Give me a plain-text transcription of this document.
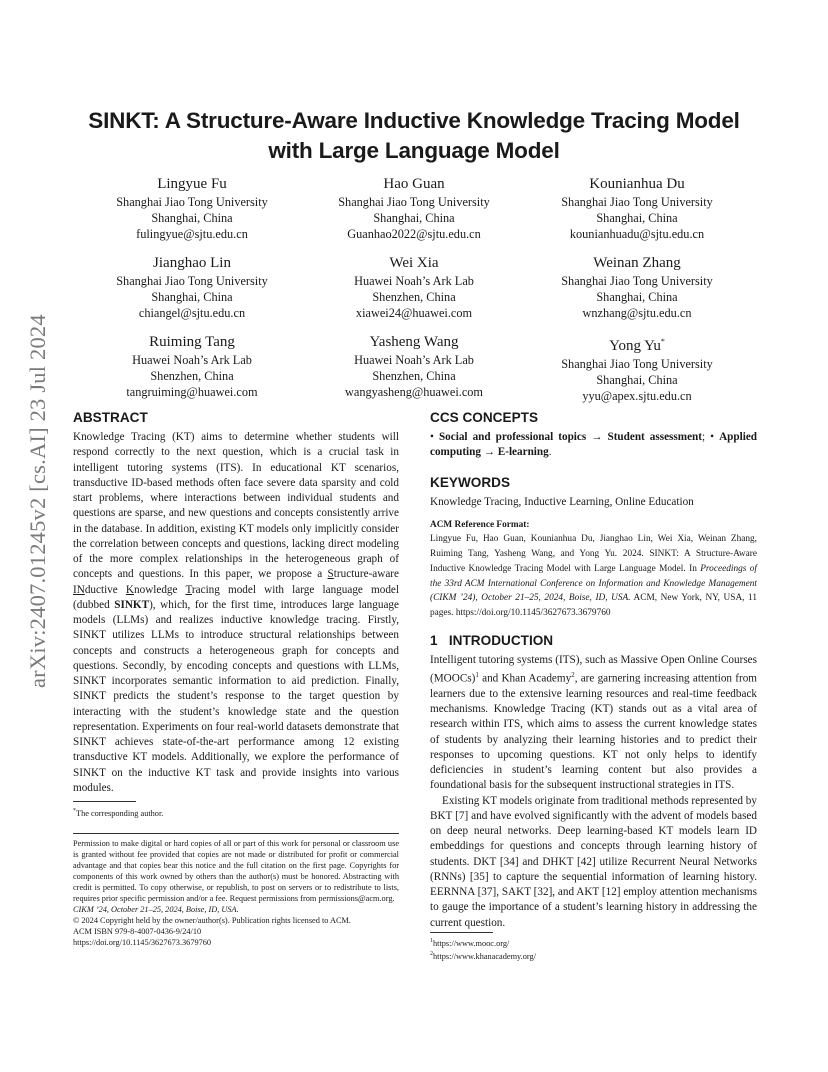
arXiv:2407.01245v2 [cs.AI] 23 Jul 2024
SINKT: A Structure-Aware Inductive Knowledge Tracing Model
with Large Language Model
Lingyue Fu
Shanghai Jiao Tong University
Shanghai, China
fulingyue@sjtu.edu.cn
Hao Guan
Shanghai Jiao Tong University
Shanghai, China
Guanhao2022@sjtu.edu.cn
Kounianhua Du
Shanghai Jiao Tong University
Shanghai, China
kounianhuadu@sjtu.edu.cn
Jianghao Lin
Shanghai Jiao Tong University
Shanghai, China
chiangel@sjtu.edu.cn
Wei Xia
Huawei Noah’s Ark Lab
Shenzhen, China
xiawei24@huawei.com
Weinan Zhang
Shanghai Jiao Tong University
Shanghai, China
wnzhang@sjtu.edu.cn
Ruiming Tang
Huawei Noah’s Ark Lab
Shenzhen, China
tangruiming@huawei.com
Yasheng Wang
Huawei Noah’s Ark Lab
Shenzhen, China
wangyasheng@huawei.com
Yong Yu*
Shanghai Jiao Tong University
Shanghai, China
yyu@apex.sjtu.edu.cn
ABSTRACT
Knowledge Tracing (KT) aims to determine whether students will respond correctly to the next question, which is a crucial task in intelligent tutoring systems (ITS). In educational KT scenarios, transductive ID-based methods often face severe data sparsity and cold start problems, where interactions between individual students and questions are sparse, and new questions and concepts consistently arrive in the database. In addition, existing KT models only implicitly consider the correlation between concepts and questions, lacking direct modeling of the more complex relationships in the heterogeneous graph of concepts and questions. In this paper, we propose a Structure-aware INductive Knowledge Tracing model with large language model (dubbed SINKT), which, for the first time, introduces large language models (LLMs) and realizes inductive knowledge tracing. Firstly, SINKT utilizes LLMs to introduce structural relationships between concepts and constructs a heterogeneous graph for concepts and questions. Secondly, by encoding concepts and questions with LLMs, SINKT incorporates semantic information to aid prediction. Finally, SINKT predicts the student’s response to the target question by interacting with the student’s knowledge state and the question representation. Experiments on four real-world datasets demonstrate that SINKT achieves state-of-the-art performance among 12 existing transductive KT models. Additionally, we explore the performance of SINKT on the inductive KT task and provide insights into various modules.
*The corresponding author.
Permission to make digital or hard copies of all or part of this work for personal or classroom use is granted without fee provided that copies are not made or distributed for profit or commercial advantage and that copies bear this notice and the full citation on the first page. Copyrights for components of this work owned by others than the author(s) must be honored. Abstracting with credit is permitted. To copy otherwise, or republish, to post on servers or to redistribute to lists, requires prior specific permission and/or a fee. Request permissions from permissions@acm.org.
CIKM ’24, October 21–25, 2024, Boise, ID, USA.
© 2024 Copyright held by the owner/author(s). Publication rights licensed to ACM.
ACM ISBN 979-8-4007-0436-9/24/10
https://doi.org/10.1145/3627673.3679760
CCS CONCEPTS
• Social and professional topics → Student assessment; • Applied computing → E-learning.
KEYWORDS
Knowledge Tracing, Inductive Learning, Online Education
ACM Reference Format:
Lingyue Fu, Hao Guan, Kounianhua Du, Jianghao Lin, Wei Xia, Weinan Zhang, Ruiming Tang, Yasheng Wang, and Yong Yu. 2024. SINKT: A Structure-Aware Inductive Knowledge Tracing Model with Large Language Model. In Proceedings of the 33rd ACM International Conference on Information and Knowledge Management (CIKM ’24), October 21–25, 2024, Boise, ID, USA. ACM, New York, NY, USA, 11 pages. https://doi.org/10.1145/3627673.3679760
1 INTRODUCTION
Intelligent tutoring systems (ITS), such as Massive Open Online Courses (MOOCs)$^1$ and Khan Academy$^2$, are garnering increasing attention from learners due to the extensive learning resources and real-time feedback mechanisms. Knowledge Tracing (KT) stands out as a vital area of research within ITS, which aims to assess the current knowledge states of students by analyzing their learning histories and to predict their responses to upcoming questions. KT not only helps to identify deficiencies in student’s learning content but also provides a foundational basis for the subsequent instructional strategies in ITS.
Existing KT models originate from traditional methods represented by BKT [7] and have evolved significantly with the advent of models based on deep neural networks. Deep learning-based KT models learn ID embeddings for questions and concepts through learning history of students. DKT [34] and DHKT [42] utilize Recurrent Neural Networks (RNNs) [35] to capture the sequential information of learning history. EERNNA [37], SAKT [32], and AKT [12] employ attention mechanisms to gauge the importance of a student’s learning history in addressing the current question.
$^1$https://www.mooc.org/
$^2$https://www.khanacademy.org/
